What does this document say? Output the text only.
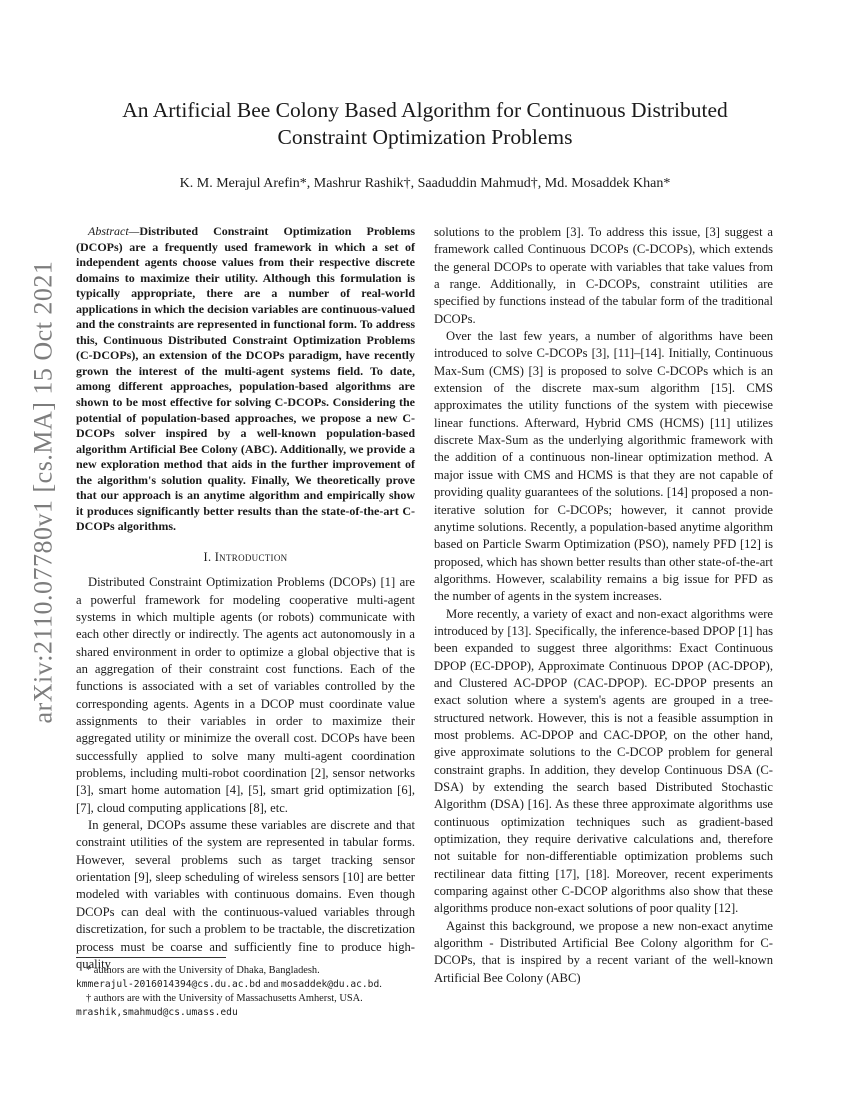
arXiv:2110.07780v1 [cs.MA] 15 Oct 2021
An Artificial Bee Colony Based Algorithm for Continuous Distributed Constraint Optimization Problems

K. M. Merajul Arefin*, Mashrur Rashik†, Saaduddin Mahmud†, Md. Mosaddek Khan*

Abstract—Distributed Constraint Optimization Problems (DCOPs) are a frequently used framework in which a set of independent agents choose values from their respective discrete domains to maximize their utility. Although this formulation is typically appropriate, there are a number of real-world applications in which the decision variables are continuous-valued and the constraints are represented in functional form. To address this, Continuous Distributed Constraint Optimization Problems (C-DCOPs), an extension of the DCOPs paradigm, have recently grown the interest of the multi-agent systems field. To date, among different approaches, population-based algorithms are shown to be most effective for solving C-DCOPs. Considering the potential of population-based approaches, we propose a new C-DCOPs solver inspired by a well-known population-based algorithm Artificial Bee Colony (ABC). Additionally, we provide a new exploration method that aids in the further improvement of the algorithm's solution quality. Finally, We theoretically prove that our approach is an anytime algorithm and empirically show it produces significantly better results than the state-of-the-art C-DCOPs algorithms.

I. Introduction

Distributed Constraint Optimization Problems (DCOPs) [1] are a powerful framework for modeling cooperative multi-agent systems in which multiple agents (or robots) communicate with each other directly or indirectly. The agents act autonomously in a shared environment in order to optimize a global objective that is an aggregation of their constraint cost functions. Each of the functions is associated with a set of variables controlled by the corresponding agents. Agents in a DCOP must coordinate value assignments to their variables in order to maximize their aggregated utility or minimize the overall cost. DCOPs have been successfully applied to solve many multi-agent coordination problems, including multi-robot coordination [2], sensor networks [3], smart home automation [4], [5], smart grid optimization [6], [7], cloud computing applications [8], etc.

In general, DCOPs assume these variables are discrete and that constraint utilities of the system are represented in tabular forms. However, several problems such as target tracking sensor orientation [9], sleep scheduling of wireless sensors [10] are better modeled with variables with continuous domains. Even though DCOPs can deal with the continuous-valued variables through discretization, for such a problem to be tractable, the discretization process must be coarse and sufficiently fine to produce high-quality

* authors are with the University of Dhaka, Bangladesh.
kmmerajul-2016014394@cs.du.ac.bd and mosaddek@du.ac.bd.

† authors are with the University of Massachusetts Amherst, USA.
mrashik,smahmud@cs.umass.edu

solutions to the problem [3]. To address this issue, [3] suggest a framework called Continuous DCOPs (C-DCOPs), which extends the general DCOPs to operate with variables that take values from a range. Additionally, in C-DCOPs, constraint utilities are specified by functions instead of the tabular form of the traditional DCOPs.

Over the last few years, a number of algorithms have been introduced to solve C-DCOPs [3], [11]–[14]. Initially, Continuous Max-Sum (CMS) [3] is proposed to solve C-DCOPs which is an extension of the discrete max-sum algorithm [15]. CMS approximates the utility functions of the system with piecewise linear functions. Afterward, Hybrid CMS (HCMS) [11] utilizes discrete Max-Sum as the underlying algorithmic framework with the addition of a continuous non-linear optimization method. A major issue with CMS and HCMS is that they are not capable of providing quality guarantees of the solutions. [14] proposed a non-iterative solution for C-DCOPs; however, it cannot provide anytime solutions. Recently, a population-based anytime algorithm based on Particle Swarm Optimization (PSO), namely PFD [12] is proposed, which has shown better results than other state-of-the-art algorithms. However, scalability remains a big issue for PFD as the number of agents in the system increases.

More recently, a variety of exact and non-exact algorithms were introduced by [13]. Specifically, the inference-based DPOP [1] has been expanded to suggest three algorithms: Exact Continuous DPOP (EC-DPOP), Approximate Continuous DPOP (AC-DPOP), and Clustered AC-DPOP (CAC-DPOP). EC-DPOP presents an exact solution where a system's agents are grouped in a tree-structured network. However, this is not a feasible assumption in most problems. AC-DPOP and CAC-DPOP, on the other hand, give approximate solutions to the C-DCOP problem for general constraint graphs. In addition, they develop Continuous DSA (C-DSA) by extending the search based Distributed Stochastic Algorithm (DSA) [16]. As these three approximate algorithms use continuous optimization techniques such as gradient-based optimization, they require derivative calculations and, therefore not suitable for non-differentiable optimization problems such rectilinear data fitting [17], [18]. Moreover, recent experiments comparing against other C-DCOP algorithms also show that these algorithms produce non-exact solutions of poor quality [12].

Against this background, we propose a new non-exact anytime algorithm - Distributed Artificial Bee Colony algorithm for C-DCOPs, that is inspired by a recent variant of the well-known Artificial Bee Colony (ABC)
